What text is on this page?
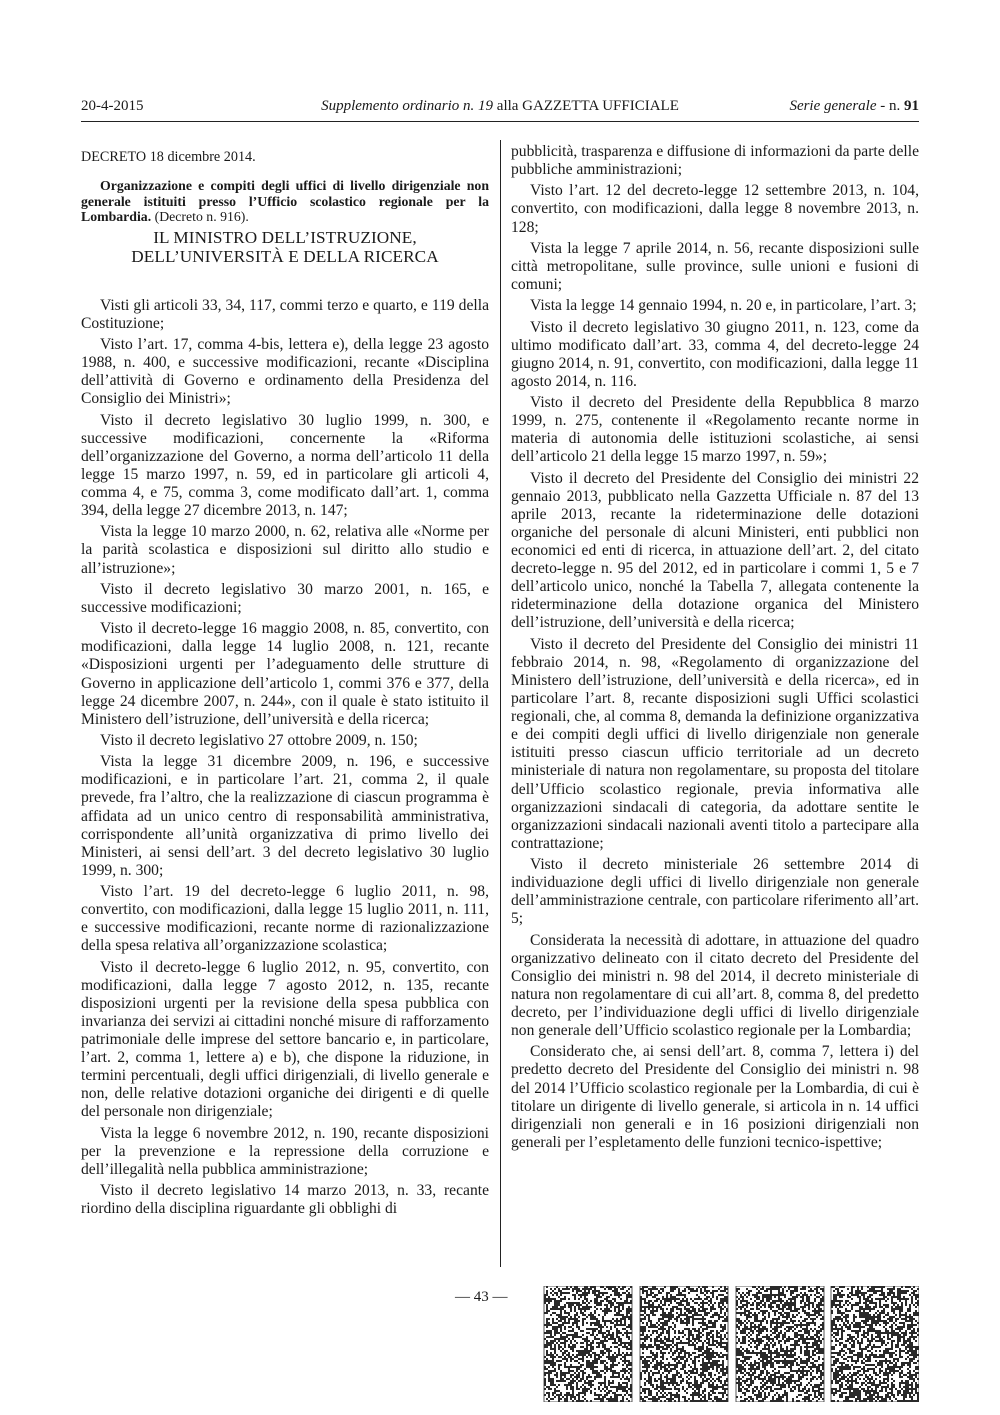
20-4-2015	Supplemento ordinario n. 19 alla GAZZETTA UFFICIALE	Serie generale - n. 91
DECRETO 18 dicembre 2014.

Organizzazione e compiti degli uffici di livello dirigenziale non generale istituiti presso l’Ufficio scolastico regionale per la Lombardia. (Decreto n. 916).

IL MINISTRO DELL’ISTRUZIONE,
DELL’UNIVERSITÀ E DELLA RICERCA

Visti gli articoli 33, 34, 117, commi terzo e quarto, e 119 della Costituzione;

Visto l’art. 17, comma 4-bis, lettera e), della legge 23 agosto 1988, n. 400, e successive modificazioni, recante «Disciplina dell’attività di Governo e ordinamento della Presidenza del Consiglio dei Ministri»;

Visto il decreto legislativo 30 luglio 1999, n. 300, e successive modificazioni, concernente la «Riforma dell’organizzazione del Governo, a norma dell’articolo 11 della legge 15 marzo 1997, n. 59, ed in particolare gli articoli 4, comma 4, e 75, comma 3, come modificato dall’art. 1, comma 394, della legge 27 dicembre 2013, n. 147;

Vista la legge 10 marzo 2000, n. 62, relativa alle «Norme per la parità scolastica e disposizioni sul diritto allo studio e all’istruzione»;

Visto il decreto legislativo 30 marzo 2001, n. 165, e successive modificazioni;

Visto il decreto-legge 16 maggio 2008, n. 85, convertito, con modificazioni, dalla legge 14 luglio 2008, n. 121, recante «Disposizioni urgenti per l’adeguamento delle strutture di Governo in applicazione dell’articolo 1, commi 376 e 377, della legge 24 dicembre 2007, n. 244», con il quale è stato istituito il Ministero dell’istruzione, dell’università e della ricerca;

Visto il decreto legislativo 27 ottobre 2009, n. 150;

Vista la legge 31 dicembre 2009, n. 196, e successive modificazioni, e in particolare l’art. 21, comma 2, il quale prevede, fra l’altro, che la realizzazione di ciascun programma è affidata ad un unico centro di responsabilità amministrativa, corrispondente all’unità organizzativa di primo livello dei Ministeri, ai sensi dell’art. 3 del decreto legislativo 30 luglio 1999, n. 300;

Visto l’art. 19 del decreto-legge 6 luglio 2011, n. 98, convertito, con modificazioni, dalla legge 15 luglio 2011, n. 111, e successive modificazioni, recante norme di razionalizzazione della spesa relativa all’organizzazione scolastica;

Visto il decreto-legge 6 luglio 2012, n. 95, convertito, con modificazioni, dalla legge 7 agosto 2012, n. 135, recante disposizioni urgenti per la revisione della spesa pubblica con invarianza dei servizi ai cittadini nonché misure di rafforzamento patrimoniale delle imprese del settore bancario e, in particolare, l’art. 2, comma 1, lettere a) e b), che dispone la riduzione, in termini percentuali, degli uffici dirigenziali, di livello generale e non, delle relative dotazioni organiche dei dirigenti e di quelle del personale non dirigenziale;

Vista la legge 6 novembre 2012, n. 190, recante disposizioni per la prevenzione e la repressione della corruzione e dell’illegalità nella pubblica amministrazione;

Visto il decreto legislativo 14 marzo 2013, n. 33, recante riordino della disciplina riguardante gli obblighi di

pubblicità, trasparenza e diffusione di informazioni da parte delle pubbliche amministrazioni;

Visto l’art. 12 del decreto-legge 12 settembre 2013, n. 104, convertito, con modificazioni, dalla legge 8 novembre 2013, n. 128;

Vista la legge 7 aprile 2014, n. 56, recante disposizioni sulle città metropolitane, sulle province, sulle unioni e fusioni di comuni;

Vista la legge 14 gennaio 1994, n. 20 e, in particolare, l’art. 3;

Visto il decreto legislativo 30 giugno 2011, n. 123, come da ultimo modificato dall’art. 33, comma 4, del decreto-legge 24 giugno 2014, n. 91, convertito, con modificazioni, dalla legge 11 agosto 2014, n. 116.

Visto il decreto del Presidente della Repubblica 8 marzo 1999, n. 275, contenente il «Regolamento recante norme in materia di autonomia delle istituzioni scolastiche, ai sensi dell’articolo 21 della legge 15 marzo 1997, n. 59»;

Visto il decreto del Presidente del Consiglio dei ministri 22 gennaio 2013, pubblicato nella Gazzetta Ufficiale n. 87 del 13 aprile 2013, recante la rideterminazione delle dotazioni organiche del personale di alcuni Ministeri, enti pubblici non economici ed enti di ricerca, in attuazione dell’art. 2, del citato decreto-legge n. 95 del 2012, ed in particolare i commi 1, 5 e 7 dell’articolo unico, nonché la Tabella 7, allegata contenente la rideterminazione della dotazione organica del Ministero dell’istruzione, dell’università e della ricerca;

Visto il decreto del Presidente del Consiglio dei ministri 11 febbraio 2014, n. 98, «Regolamento di organizzazione del Ministero dell’istruzione, dell’università e della ricerca», ed in particolare l’art. 8, recante disposizioni sugli Uffici scolastici regionali, che, al comma 8, demanda la definizione organizzativa e dei compiti degli uffici di livello dirigenziale non generale istituiti presso ciascun ufficio territoriale ad un decreto ministeriale di natura non regolamentare, su proposta del titolare dell’Ufficio scolastico regionale, previa informativa alle organizzazioni sindacali di categoria, da adottare sentite le organizzazioni sindacali nazionali aventi titolo a partecipare alla contrattazione;

Visto il decreto ministeriale 26 settembre 2014 di individuazione degli uffici di livello dirigenziale non generale dell’amministrazione centrale, con particolare riferimento all’art. 5;

Considerata la necessità di adottare, in attuazione del quadro organizzativo delineato con il citato decreto del Presidente del Consiglio dei ministri n. 98 del 2014, il decreto ministeriale di natura non regolamentare di cui all’art. 8, comma 8, del predetto decreto, per l’individuazione degli uffici di livello dirigenziale non generale dell’Ufficio scolastico regionale per la Lombardia;

Considerato che, ai sensi dell’art. 8, comma 7, lettera i) del predetto decreto del Presidente del Consiglio dei ministri n. 98 del 2014 l’Ufficio scolastico regionale per la Lombardia, di cui è titolare un dirigente di livello generale, si articola in n. 14 uffici dirigenziali non generali e in 16 posizioni dirigenziali non generali per l’espletamento delle funzioni tecnico-ispettive;

— 43 —
